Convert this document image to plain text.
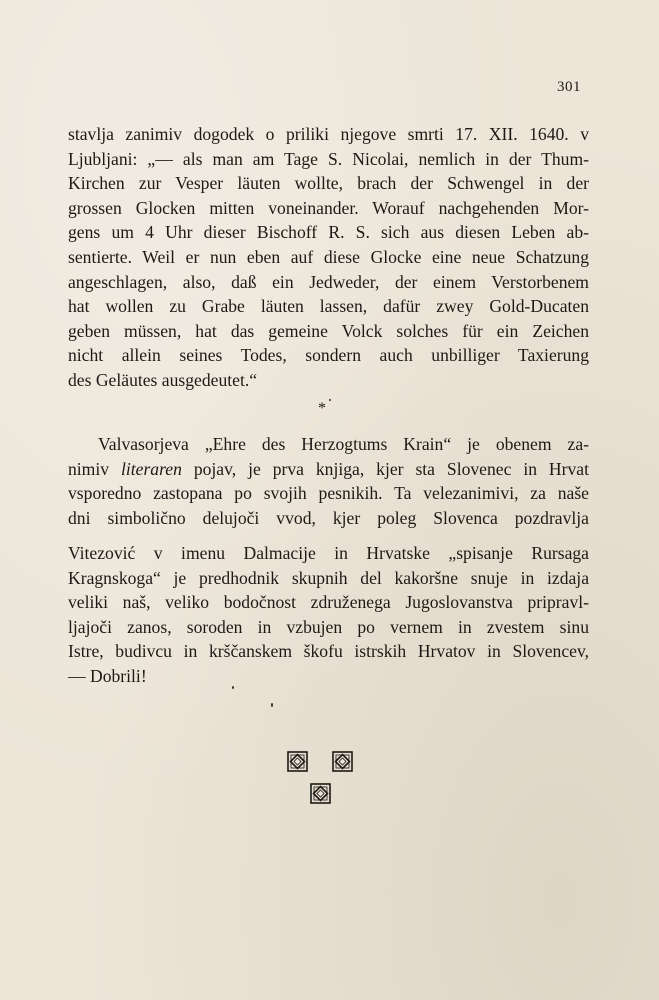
301
stavlja zanimiv dogodek o priliki njegove smrti 17. XII. 1640. v
Ljubljani: „— als man am Tage S. Nicolai, nemlich in der Thum-
Kirchen zur Vesper läuten wollte, brach der Schwengel in der
grossen Glocken mitten voneinander. Worauf nachgehenden Mor-
gens um 4 Uhr dieser Bischoff R. S. sich aus diesen Leben ab-
sentierte. Weil er nun eben auf diese Glocke eine neue Schatzung
angeschlagen, also, daß ein Jedweder, der einem Verstorbenem
hat wollen zu Grabe läuten lassen, dafür zwey Gold-Ducaten
geben müssen, hat das gemeine Volck solches für ein Zeichen
nicht allein seines Todes, sondern auch unbilliger Taxierung
des Geläutes ausgedeutet.“
*
Valvasorjeva „Ehre des Herzogtums Krain“ je obenem za-
nimiv literaren pojav, je prva knjiga, kjer sta Slovenec in Hrvat
vsporedno zastopana po svojih pesnikih. Ta velezanimivi, za naše
dni simbolično delujoči vvod, kjer poleg Slovenca pozdravlja
Vitezović v imenu Dalmacije in Hrvatske „spisanje Rursaga
Kragnskoga“ je predhodnik skupnih del kakoršne snuje in izdaja
veliki naš, veliko bodočnost združenega Jugoslovanstva pripravl-
ljajoči zanos, soroden in vzbujen po vernem in zvestem sinu
Istre, budivcu in krščanskem škofu istrskih Hrvatov in Slovencev,
— Dobrili!
